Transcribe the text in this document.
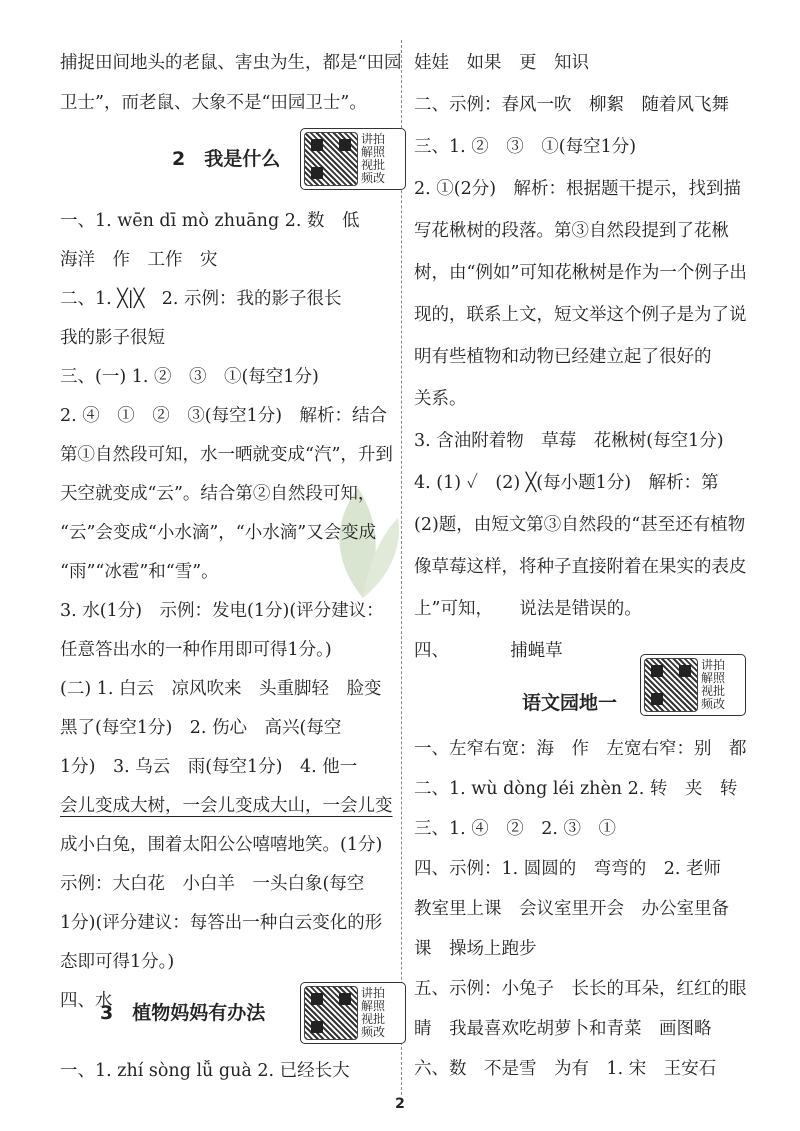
捕捉田间地头的老鼠、害虫为生，都是“田园
卫士”，而老鼠、大象不是“田园卫士”。
2　我是什么
讲拍
解照
视批
频改
一、1. wēn dī mò zhuāng 2. 数　低
海洋　作　工作　灾
二、1. ╳|╳　2. 示例：我的影子很长
我的影子很短
三、(一) 1. ②　③　①(每空1分)
2. ④　①　②　③(每空1分)　解析：结合
第①自然段可知，水一晒就变成“汽”，升到
天空就变成“云”。结合第②自然段可知，
“云”会变成“小水滴”，“小水滴”又会变成
“雨”“冰雹”和“雪”。
3. 水(1分)　示例：发电(1分)(评分建议：
任意答出水的一种作用即可得1分。)
(二) 1. 白云　凉风吹来　头重脚轻　脸变
黑了(每空1分)　2. 伤心　高兴(每空
1分)　3. 乌云　雨(每空1分)　4. 他一
会儿变成大树，一会儿变成大山，一会儿变
成小白兔，围着太阳公公嘻嘻地笑。(1分)
示例：大白花　小白羊　一头白象(每空
1分)(评分建议：每答出一种白云变化的形
态即可得1分。)
四、水
3　植物妈妈有办法
讲拍
解照
视批
频改
一、1. zhí sòng lǚ guà 2. 已经长大
娃娃　如果　更　知识
二、示例：春风一吹　柳絮　随着风飞舞
三、1. ②　③　①(每空1分)
2. ①(2分)　解析：根据题干提示，找到描
写花楸树的段落。第③自然段提到了花楸
树，由“例如”可知花楸树是作为一个例子出
现的，联系上文，短文举这个例子是为了说
明有些植物和动物已经建立起了很好的
关系。
3. 含油附着物　草莓　花楸树(每空1分)
4. (1) ✓　(2) ╳(每小题1分)　解析：第
(2)题，由短文第③自然段的“甚至还有植物
像草莓这样，将种子直接附着在果实的表皮
上”可知，　　说法是错误的。
四、　　　　捕蝇草
语文园地一
讲拍
解照
视批
频改
一、左窄右宽：海　作　左宽右窄：别　都
二、1. wù dòng léi zhèn 2. 转　夹　转
三、1. ④　②　2. ③　①
四、示例：1. 圆圆的　弯弯的　2. 老师
教室里上课　会议室里开会　办公室里备
课　操场上跑步
五、示例：小兔子　长长的耳朵，红红的眼
睛　我最喜欢吃胡萝卜和青菜　画图略
六、数　不是雪　为有　1. 宋　王安石
2
